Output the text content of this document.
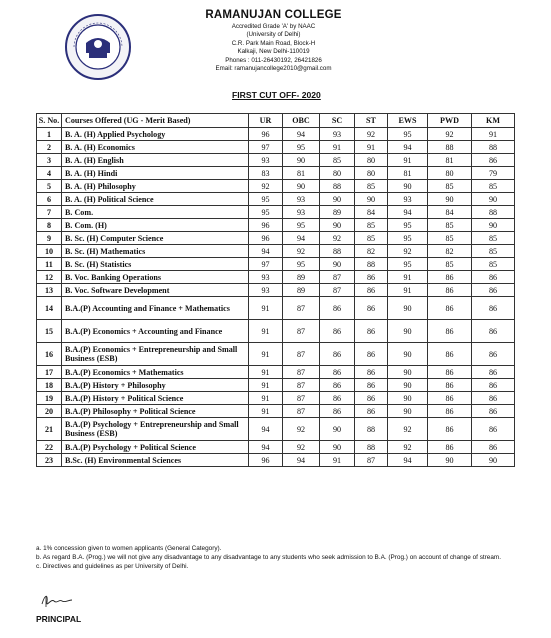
RAMANUJAN COLLEGE
Accredited Grade 'A' by NAAC
(University of Delhi)
C.R. Park Main Road, Block-H
Kalkaji, New Delhi-110019
Phones : 011-26430192, 26421826
Email: ramanujancollege2010@gmail.com
FIRST CUT OFF- 2020
S. No.	Courses Offered (UG - Merit Based)	UR	OBC	SC	ST	EWS	PWD	KM
1	B. A. (H) Applied Psychology	96	94	93	92	95	92	91
2	B. A. (H) Economics	97	95	91	91	94	88	88
3	B. A. (H) English	93	90	85	80	91	81	86
4	B. A. (H) Hindi	83	81	80	80	81	80	79
5	B. A. (H) Philosophy	92	90	88	85	90	85	85
6	B. A. (H) Political Science	95	93	90	90	93	90	90
7	B. Com.	95	93	89	84	94	84	88
8	B. Com. (H)	96	95	90	85	95	85	90
9	B. Sc. (H) Computer Science	96	94	92	85	95	85	85
10	B. Sc. (H) Mathematics	94	92	88	82	92	82	85
11	B. Sc. (H) Statistics	97	95	90	88	95	85	85
12	B. Voc. Banking Operations	93	89	87	86	91	86	86
13	B. Voc. Software Development	93	89	87	86	91	86	86
14	B.A.(P) Accounting and Finance + Mathematics	91	87	86	86	90	86	86
15	B.A.(P) Economics + Accounting and Finance	91	87	86	86	90	86	86
16	B.A.(P) Economics + Entrepreneurship and Small Business (ESB)	91	87	86	86	90	86	86
17	B.A.(P) Economics + Mathematics	91	87	86	86	90	86	86
18	B.A.(P) History + Philosophy	91	87	86	86	90	86	86
19	B.A.(P) History + Political Science	91	87	86	86	90	86	86
20	B.A.(P) Philosophy + Political Science	91	87	86	86	90	86	86
21	B.A.(P) Psychology + Entrepreneurship and Small Business (ESB)	94	92	90	88	92	86	86
22	B.A.(P) Psychology + Political Science	94	92	90	88	92	86	86
23	B.Sc. (H) Environmental Sciences	96	94	91	87	94	90	90
a. 1% concession given to women applicants (General Category).
b. As regard B.A. (Prog.) we will not give any disadvantage to any disadvantage to any students who seek admission to B.A. (Prog.) on account of change of stream.
c. Directives and guidelines as per University of Delhi.
PRINCIPAL
